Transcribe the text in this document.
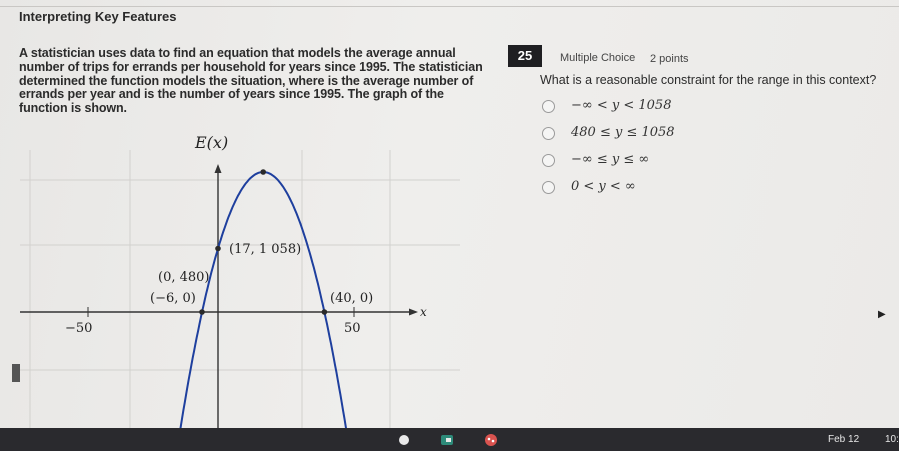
Interpreting Key Features
A statistician uses data to find an equation that models the average annual number of trips for errands per household for years since 1995. The statistician determined the function models the situation, where is the average number of errands per year and is the number of years since 1995. The graph of the function is shown.
25	Multiple Choice 2 points
What is a reasonable constraint for the range in this context?
−∞ < y < 1058
480 ≤ y ≤ 1058
−∞ ≤ y ≤ ∞
0 < y < ∞
E(x)
x
(17, 1 058)
(0, 480)
(−6, 0)	(40, 0)
−50	50
▶
Feb 12	10:
